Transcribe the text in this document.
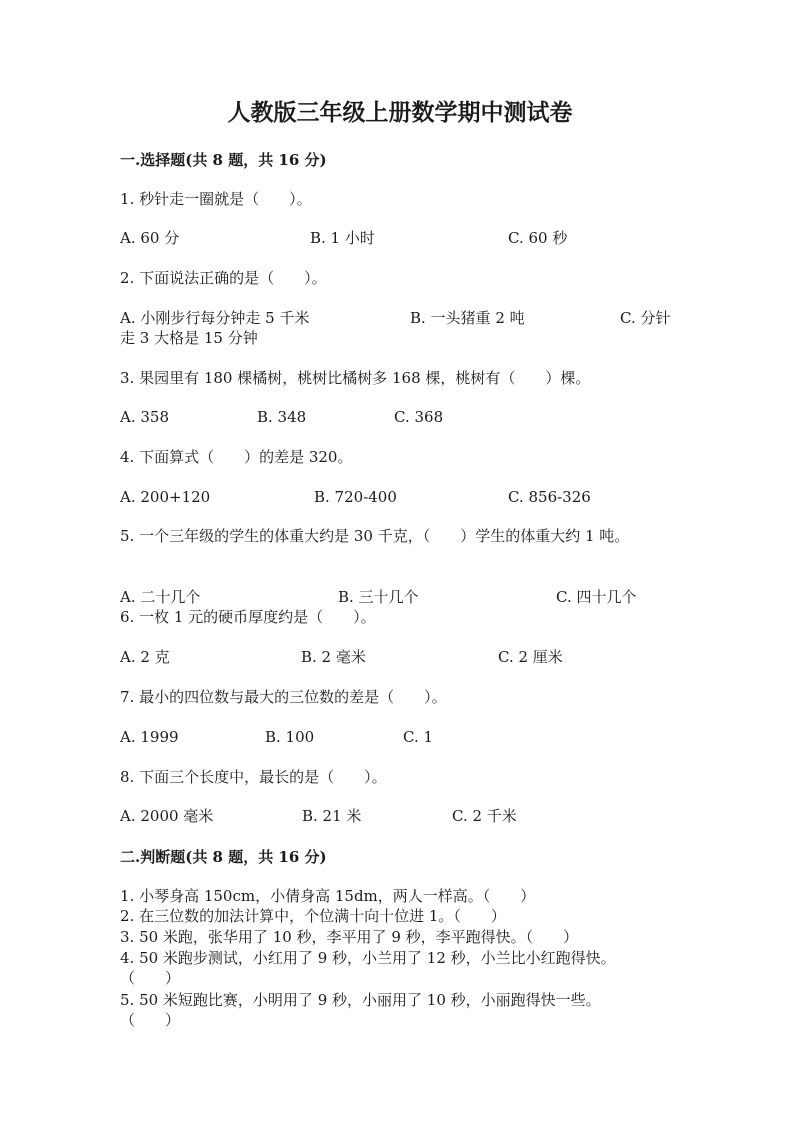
人教版三年级上册数学期中测试卷
一.选择题(共 8 题，共 16 分)
1. 秒针走一圈就是（　　）。
A. 60 分	B. 1 小时	C. 60 秒
2. 下面说法正确的是（　　）。
A. 小刚步行每分钟走 5 千米	B. 一头猪重 2 吨	C. 分针
走 3 大格是 15 分钟
3. 果园里有 180 棵橘树，桃树比橘树多 168 棵，桃树有（　　）棵。
A. 358	B. 348	C. 368
4. 下面算式（　　）的差是 320。
A. 200+120	B. 720-400	C. 856-326
5. 一个三年级的学生的体重大约是 30 千克，（　　）学生的体重大约 1 吨。
A. 二十几个	B. 三十几个	C. 四十几个
6. 一枚 1 元的硬币厚度约是（　　）。
A. 2 克	B. 2 毫米	C. 2 厘米
7. 最小的四位数与最大的三位数的差是（　　）。
A. 1999	B. 100	C. 1
8. 下面三个长度中，最长的是（　　）。
A. 2000 毫米	B. 21 米	C. 2 千米
二.判断题(共 8 题，共 16 分)
1. 小琴身高 150cm，小倩身高 15dm，两人一样高。（　　）
2. 在三位数的加法计算中，个位满十向十位进 1。（　　）
3. 50 米跑，张华用了 10 秒，李平用了 9 秒，李平跑得快。（　　）
4. 50 米跑步测试，小红用了 9 秒，小兰用了 12 秒，小兰比小红跑得快。
（　　）
5. 50 米短跑比赛，小明用了 9 秒，小丽用了 10 秒，小丽跑得快一些。
（　　）
